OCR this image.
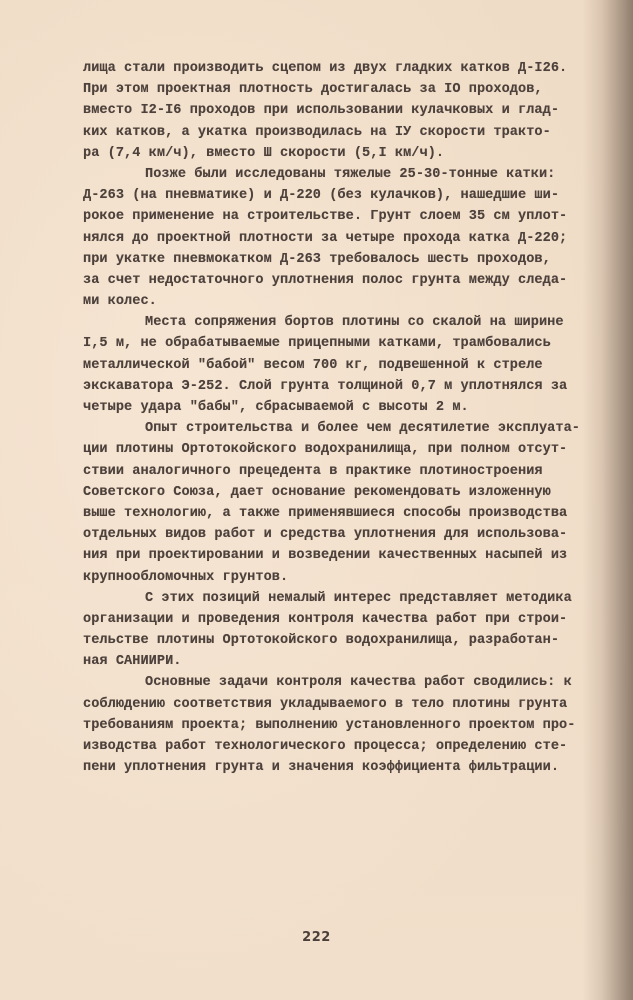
лища стали производить сцепом из двух гладких катков Д-I26.
При этом проектная плотность достигалась за IO проходов,
вместо I2-I6 проходов при использовании кулачковых и глад-
ких катков, а укатка производилась на IУ скорости тракто-
ра (7,4 км/ч), вместо Ш скорости (5,I км/ч).
Позже были исследованы тяжелые 25-30-тонные катки:
Д-263 (на пневматике) и Д-220 (без кулачков), нашедшие ши-
рокое применение на строительстве. Грунт слоем 35 см уплот-
нялся до проектной плотности за четыре прохода катка Д-220;
при укатке пневмокатком Д-263 требовалось шесть проходов,
за счет недостаточного уплотнения полос грунта между следа-
ми колес.
Места сопряжения бортов плотины со скалой на ширине
I,5 м, не обрабатываемые прицепными катками, трамбовались
металлической "бабой" весом 700 кг, подвешенной к стреле
экскаватора Э-252. Слой грунта толщиной 0,7 м уплотнялся за
четыре удара "бабы", сбрасываемой с высоты 2 м.
Опыт строительства и более чем десятилетие эксплуата-
ции плотины Ортотокойского водохранилища, при полном отсут-
ствии аналогичного прецедента в практике плотиностроения
Советского Союза, дает основание рекомендовать изложенную
выше технологию, а также применявшиеся способы производства
отдельных видов работ и средства уплотнения для использова-
ния при проектировании и возведении качественных насыпей из
крупнообломочных грунтов.
С этих позиций немалый интерес представляет методика
организации и проведения контроля качества работ при строи-
тельстве плотины Ортотокойского водохранилища, разработан-
ная САНИИРИ.
Основные задачи контроля качества работ сводились: к
соблюдению соответствия укладываемого в тело плотины грунта
требованиям проекта; выполнению установленного проектом про-
изводства работ технологического процесса; определению сте-
пени уплотнения грунта и значения коэффициента фильтрации.
222
